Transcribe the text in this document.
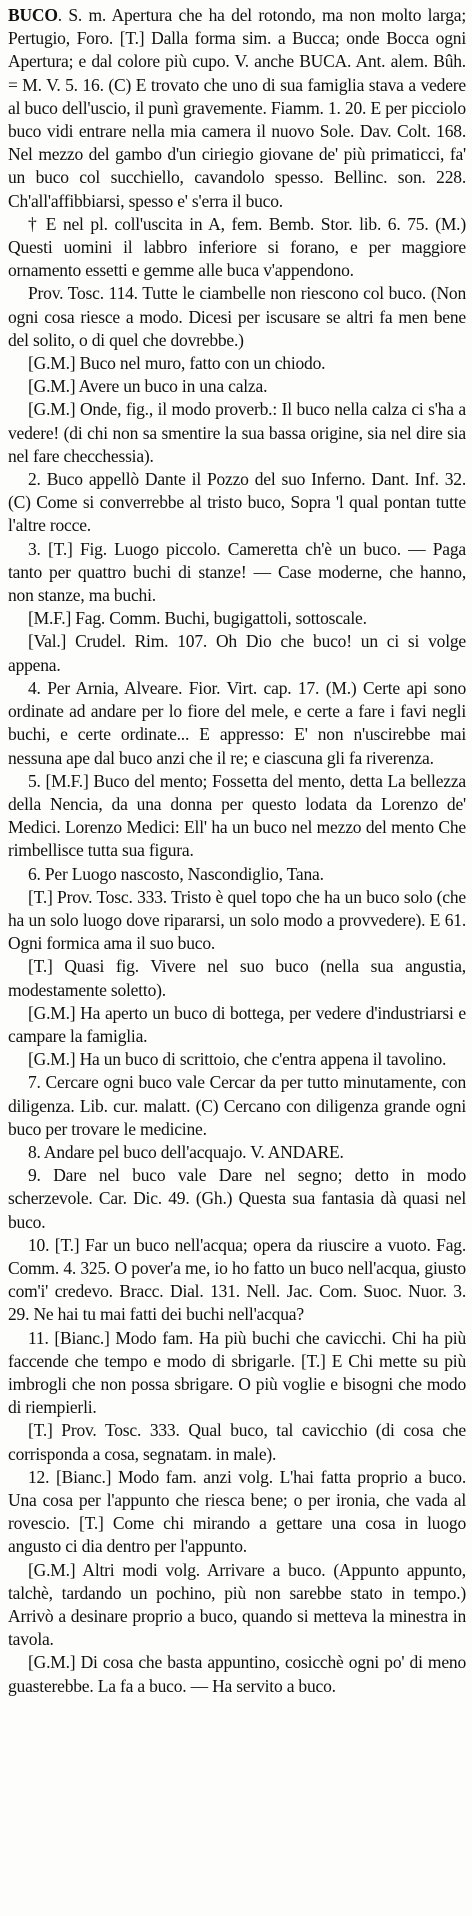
BUCO. S. m. Apertura che ha del rotondo, ma non molto larga; Pertugio, Foro. [T.] Dalla forma sim. a Bucca; onde Bocca ogni Apertura; e dal colore più cupo. V. anche BUCA. Ant. alem. Bûh. = M. V. 5. 16. (C) E trovato che uno di sua famiglia stava a vedere al buco dell'uscio, il punì gravemente. Fiamm. 1. 20. E per picciolo buco vidi entrare nella mia camera il nuovo Sole. Dav. Colt. 168. Nel mezzo del gambo d'un ciriegio giovane de' più primaticci, fa' un buco col succhiello, cavandolo spesso. Bellinc. son. 228. Ch'all'affibbiarsi, spesso e' s'erra il buco.

† E nel pl. coll'uscita in A, fem. Bemb. Stor. lib. 6. 75. (M.) Questi uomini il labbro inferiore si forano, e per maggiore ornamento essetti e gemme alle buca v'appendono.

Prov. Tosc. 114. Tutte le ciambelle non riescono col buco. (Non ogni cosa riesce a modo. Dicesi per iscusare se altri fa men bene del solito, o di quel che dovrebbe.)

[G.M.] Buco nel muro, fatto con un chiodo.

[G.M.] Avere un buco in una calza.

[G.M.] Onde, fig., il modo proverb.: Il buco nella calza ci s'ha a vedere! (di chi non sa smentire la sua bassa origine, sia nel dire sia nel fare checchessia).

2. Buco appellò Dante il Pozzo del suo Inferno. Dant. Inf. 32. (C) Come si converrebbe al tristo buco, Sopra 'l qual pontan tutte l'altre rocce.

3. [T.] Fig. Luogo piccolo. Cameretta ch'è un buco. — Paga tanto per quattro buchi di stanze! — Case moderne, che hanno, non stanze, ma buchi.

[M.F.] Fag. Comm. Buchi, bugigattoli, sottoscale.

[Val.] Crudel. Rim. 107. Oh Dio che buco! un ci si volge appena.

4. Per Arnia, Alveare. Fior. Virt. cap. 17. (M.) Certe api sono ordinate ad andare per lo fiore del mele, e certe a fare i favi negli buchi, e certe ordinate... E appresso: E' non n'uscirebbe mai nessuna ape dal buco anzi che il re; e ciascuna gli fa riverenza.

5. [M.F.] Buco del mento; Fossetta del mento, detta La bellezza della Nencia, da una donna per questo lodata da Lorenzo de' Medici. Lorenzo Medici: Ell' ha un buco nel mezzo del mento Che rimbellisce tutta sua figura.

6. Per Luogo nascosto, Nascondiglio, Tana.

[T.] Prov. Tosc. 333. Tristo è quel topo che ha un buco solo (che ha un solo luogo dove ripararsi, un solo modo a provvedere). E 61. Ogni formica ama il suo buco.

[T.] Quasi fig. Vivere nel suo buco (nella sua angustia, modestamente soletto).

[G.M.] Ha aperto un buco di bottega, per vedere d'industriarsi e campare la famiglia.

[G.M.] Ha un buco di scrittoio, che c'entra appena il tavolino.

7. Cercare ogni buco vale Cercar da per tutto minutamente, con diligenza. Lib. cur. malatt. (C) Cercano con diligenza grande ogni buco per trovare le medicine.

8. Andare pel buco dell'acquajo. V. ANDARE.

9. Dare nel buco vale Dare nel segno; detto in modo scherzevole. Car. Dic. 49. (Gh.) Questa sua fantasia dà quasi nel buco.

10. [T.] Far un buco nell'acqua; opera da riuscire a vuoto. Fag. Comm. 4. 325. O pover'a me, io ho fatto un buco nell'acqua, giusto com'i' credevo. Bracc. Dial. 131. Nell. Jac. Com. Suoc. Nuor. 3. 29. Ne hai tu mai fatti dei buchi nell'acqua?

11. [Bianc.] Modo fam. Ha più buchi che cavicchi. Chi ha più faccende che tempo e modo di sbrigarle. [T.] E Chi mette su più imbrogli che non possa sbrigare. O più voglie e bisogni che modo di riempierli.

[T.] Prov. Tosc. 333. Qual buco, tal cavicchio (di cosa che corrisponda a cosa, segnatam. in male).

12. [Bianc.] Modo fam. anzi volg. L'hai fatta proprio a buco. Una cosa per l'appunto che riesca bene; o per ironia, che vada al rovescio. [T.] Come chi mirando a gettare una cosa in luogo angusto ci dia dentro per l'appunto.

[G.M.] Altri modi volg. Arrivare a buco. (Appunto appunto, talchè, tardando un pochino, più non sarebbe stato in tempo.) Arrivò a desinare proprio a buco, quando si metteva la minestra in tavola.

[G.M.] Di cosa che basta appuntino, cosicchè ogni po' di meno guasterebbe. La fa a buco. — Ha servito a buco.
